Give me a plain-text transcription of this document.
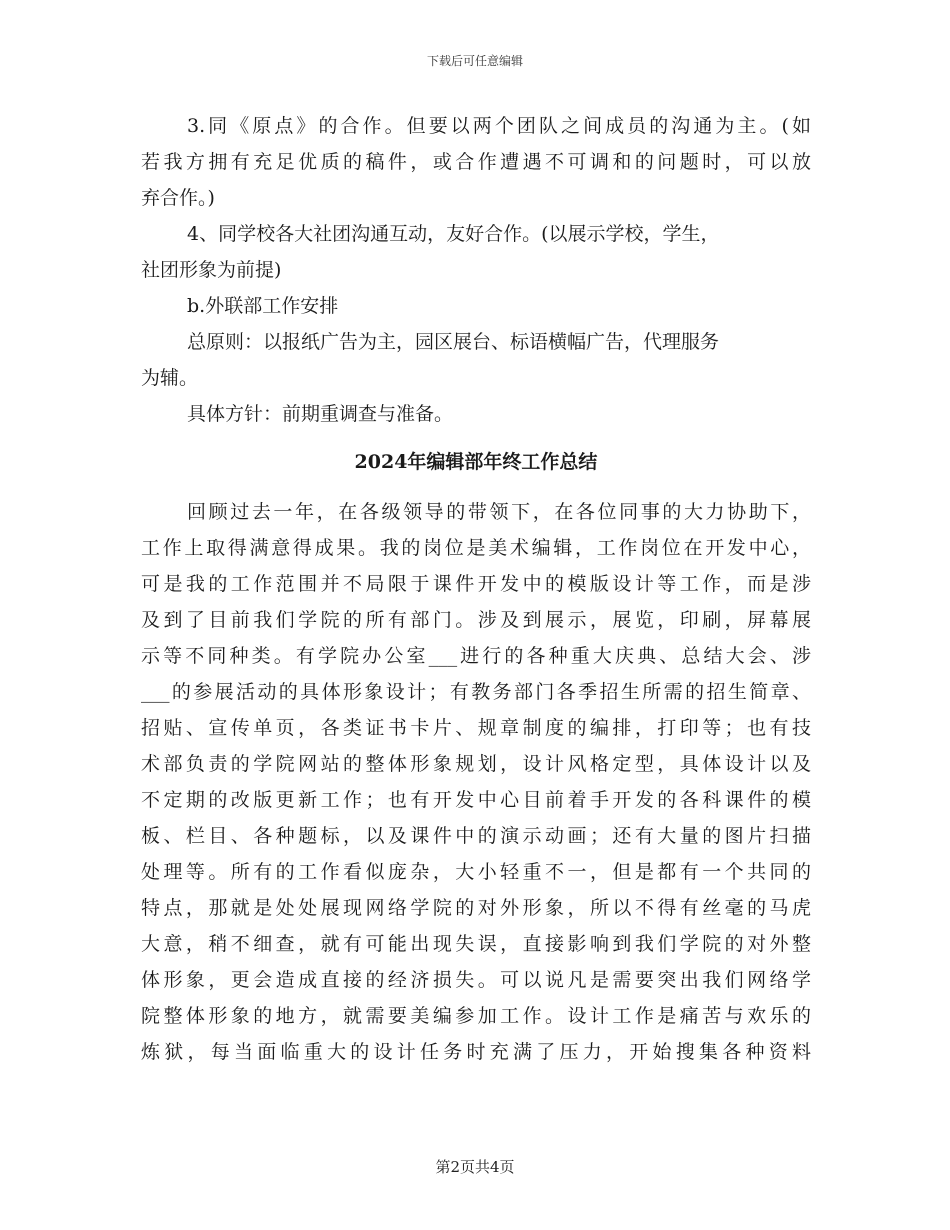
下载后可任意编辑
3.同《原点》的合作。但要以两个团队之间成员的沟通为主。(如
若我方拥有充足优质的稿件，或合作遭遇不可调和的问题时，可以放
弃合作。)
4、同学校各大社团沟通互动，友好合作。(以展示学校，学生，
社团形象为前提)
b.外联部工作安排
总原则：以报纸广告为主，园区展台、标语横幅广告，代理服务
为辅。
具体方针：前期重调查与准备。
2024年编辑部年终工作总结
回顾过去一年，在各级领导的带领下，在各位同事的大力协助下，
工作上取得满意得成果。我的岗位是美术编辑，工作岗位在开发中心，
可是我的工作范围并不局限于课件开发中的模版设计等工作，而是涉
及到了目前我们学院的所有部门。涉及到展示，展览，印刷，屏幕展
示等不同种类。有学院办公室___进行的各种重大庆典、总结大会、涉
___的参展活动的具体形象设计；有教务部门各季招生所需的招生简章、
招贴、宣传单页，各类证书卡片、规章制度的编排，打印等；也有技
术部负责的学院网站的整体形象规划，设计风格定型，具体设计以及
不定期的改版更新工作；也有开发中心目前着手开发的各科课件的模
板、栏目、各种题标，以及课件中的演示动画；还有大量的图片扫描
处理等。所有的工作看似庞杂，大小轻重不一，但是都有一个共同的
特点，那就是处处展现网络学院的对外形象，所以不得有丝毫的马虎
大意，稍不细查，就有可能出现失误，直接影响到我们学院的对外整
体形象，更会造成直接的经济损失。可以说凡是需要突出我们网络学
院整体形象的地方，就需要美编参加工作。设计工作是痛苦与欢乐的
炼狱，每当面临重大的设计任务时充满了压力，开始搜集各种资料
第2页共4页
